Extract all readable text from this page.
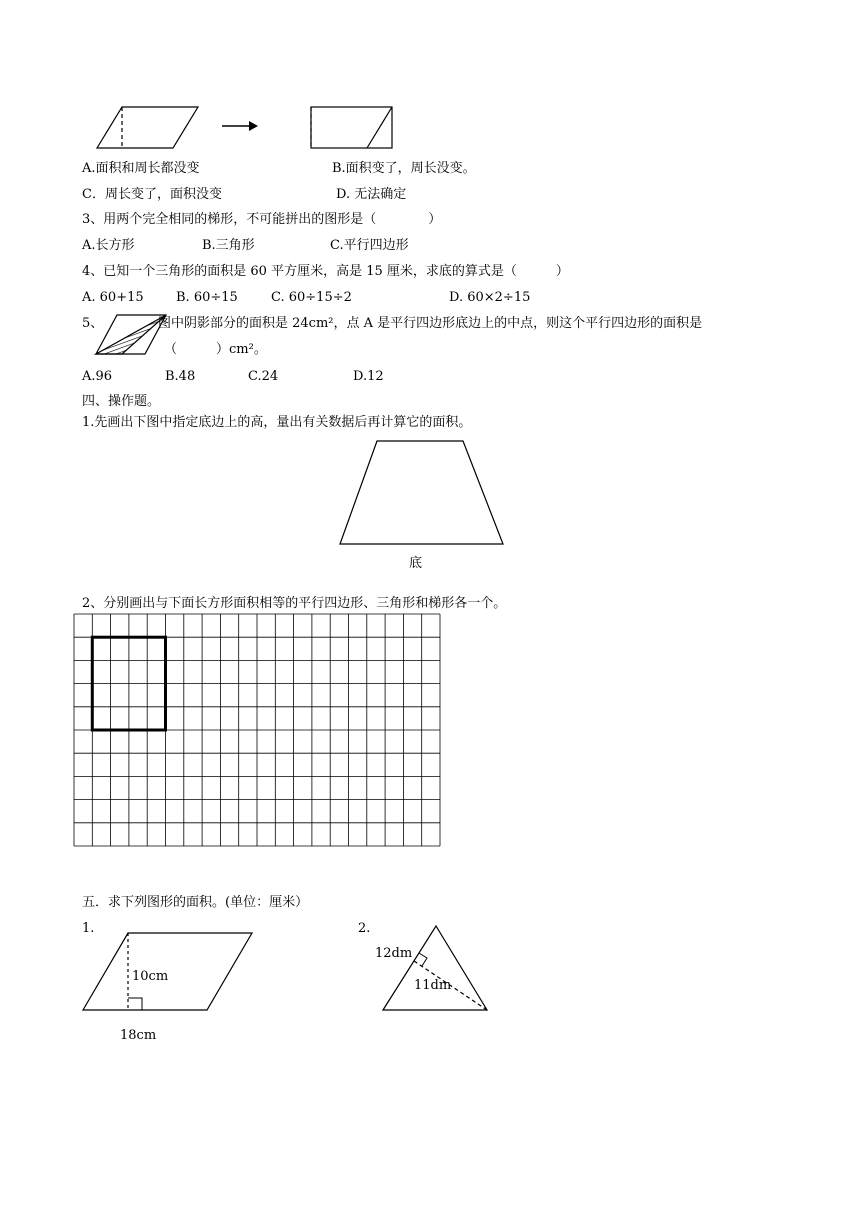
A.面积和周长都没变	B.面积变了，周长没变。
C．周长变了，面积没变	D. 无法确定
3、用两个完全相同的梯形，不可能拼出的图形是（　　　　）
A.长方形	B.三角形	C.平行四边形
4、已知一个三角形的面积是 60 平方厘米，高是 15 厘米，求底的算式是（　　　）
A. 60+15 B. 60÷15	C. 60÷15÷2	D. 60×2÷15
5、	图中阴影部分的面积是 24cm²，点 A 是平行四边形底边上的中点，则这个平行四边形的面积是
（　　　）cm²。
A.96	B.48	C.24	D.12
四、操作题。
1.先画出下图中指定底边上的高，量出有关数据后再计算它的面积。
底
2、分别画出与下面长方形面积相等的平行四边形、三角形和梯形各一个。
五．求下列图形的面积。(单位：厘米）
1.	2.
10cm
18cm
12dm
11dm
